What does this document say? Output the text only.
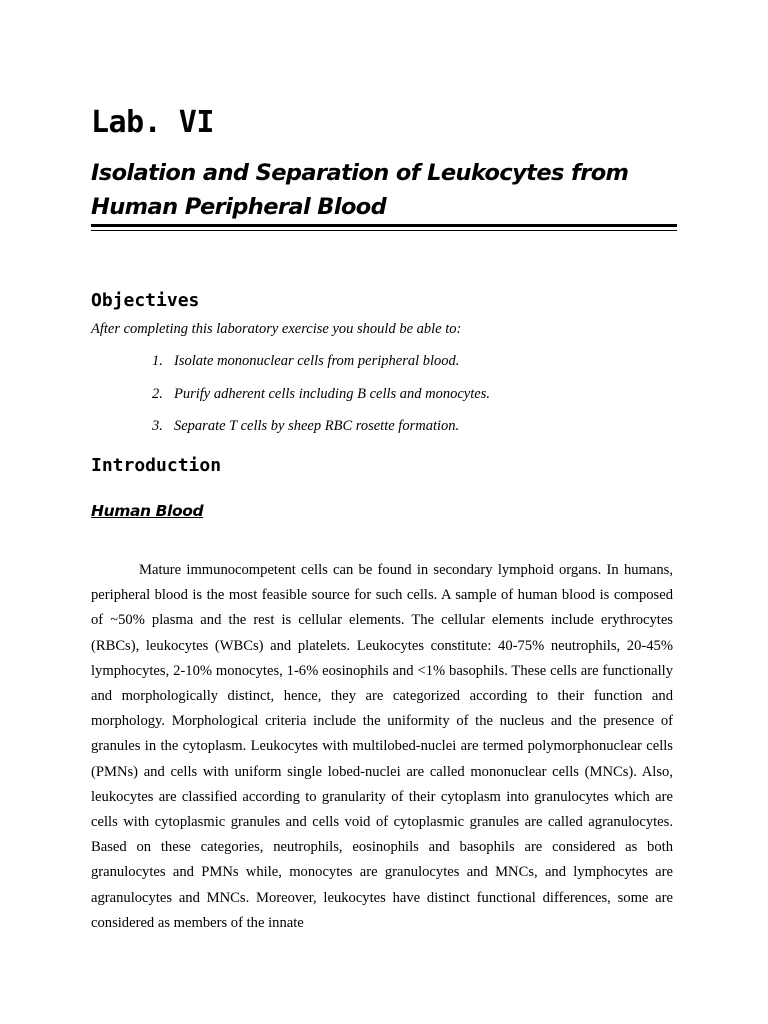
Lab. VI
Isolation and Separation of Leukocytes from Human Peripheral Blood
Objectives

After completing this laboratory exercise you should be able to:

1. Isolate mononuclear cells from peripheral blood.
2. Purify adherent cells including B cells and monocytes.
3. Separate T cells by sheep RBC rosette formation.
Introduction
Human Blood

Mature immunocompetent cells can be found in secondary lymphoid organs. In humans, peripheral blood is the most feasible source for such cells. A sample of human blood is composed of ~50% plasma and the rest is cellular elements. The cellular elements include erythrocytes (RBCs), leukocytes (WBCs) and platelets. Leukocytes constitute: 40-75% neutrophils, 20-45% lymphocytes, 2-10% monocytes, 1-6% eosinophils and <1% basophils. These cells are functionally and morphologically distinct, hence, they are categorized according to their function and morphology. Morphological criteria include the uniformity of the nucleus and the presence of granules in the cytoplasm. Leukocytes with multilobed-nuclei are termed polymorphonuclear cells (PMNs) and cells with uniform single lobed-nuclei are called mononuclear cells (MNCs). Also, leukocytes are classified according to granularity of their cytoplasm into granulocytes which are cells with cytoplasmic granules and cells void of cytoplasmic granules are called agranulocytes. Based on these categories, neutrophils, eosinophils and basophils are considered as both granulocytes and PMNs while, monocytes are granulocytes and MNCs, and lymphocytes are agranulocytes and MNCs. Moreover, leukocytes have distinct functional differences, some are considered as members of the innate
